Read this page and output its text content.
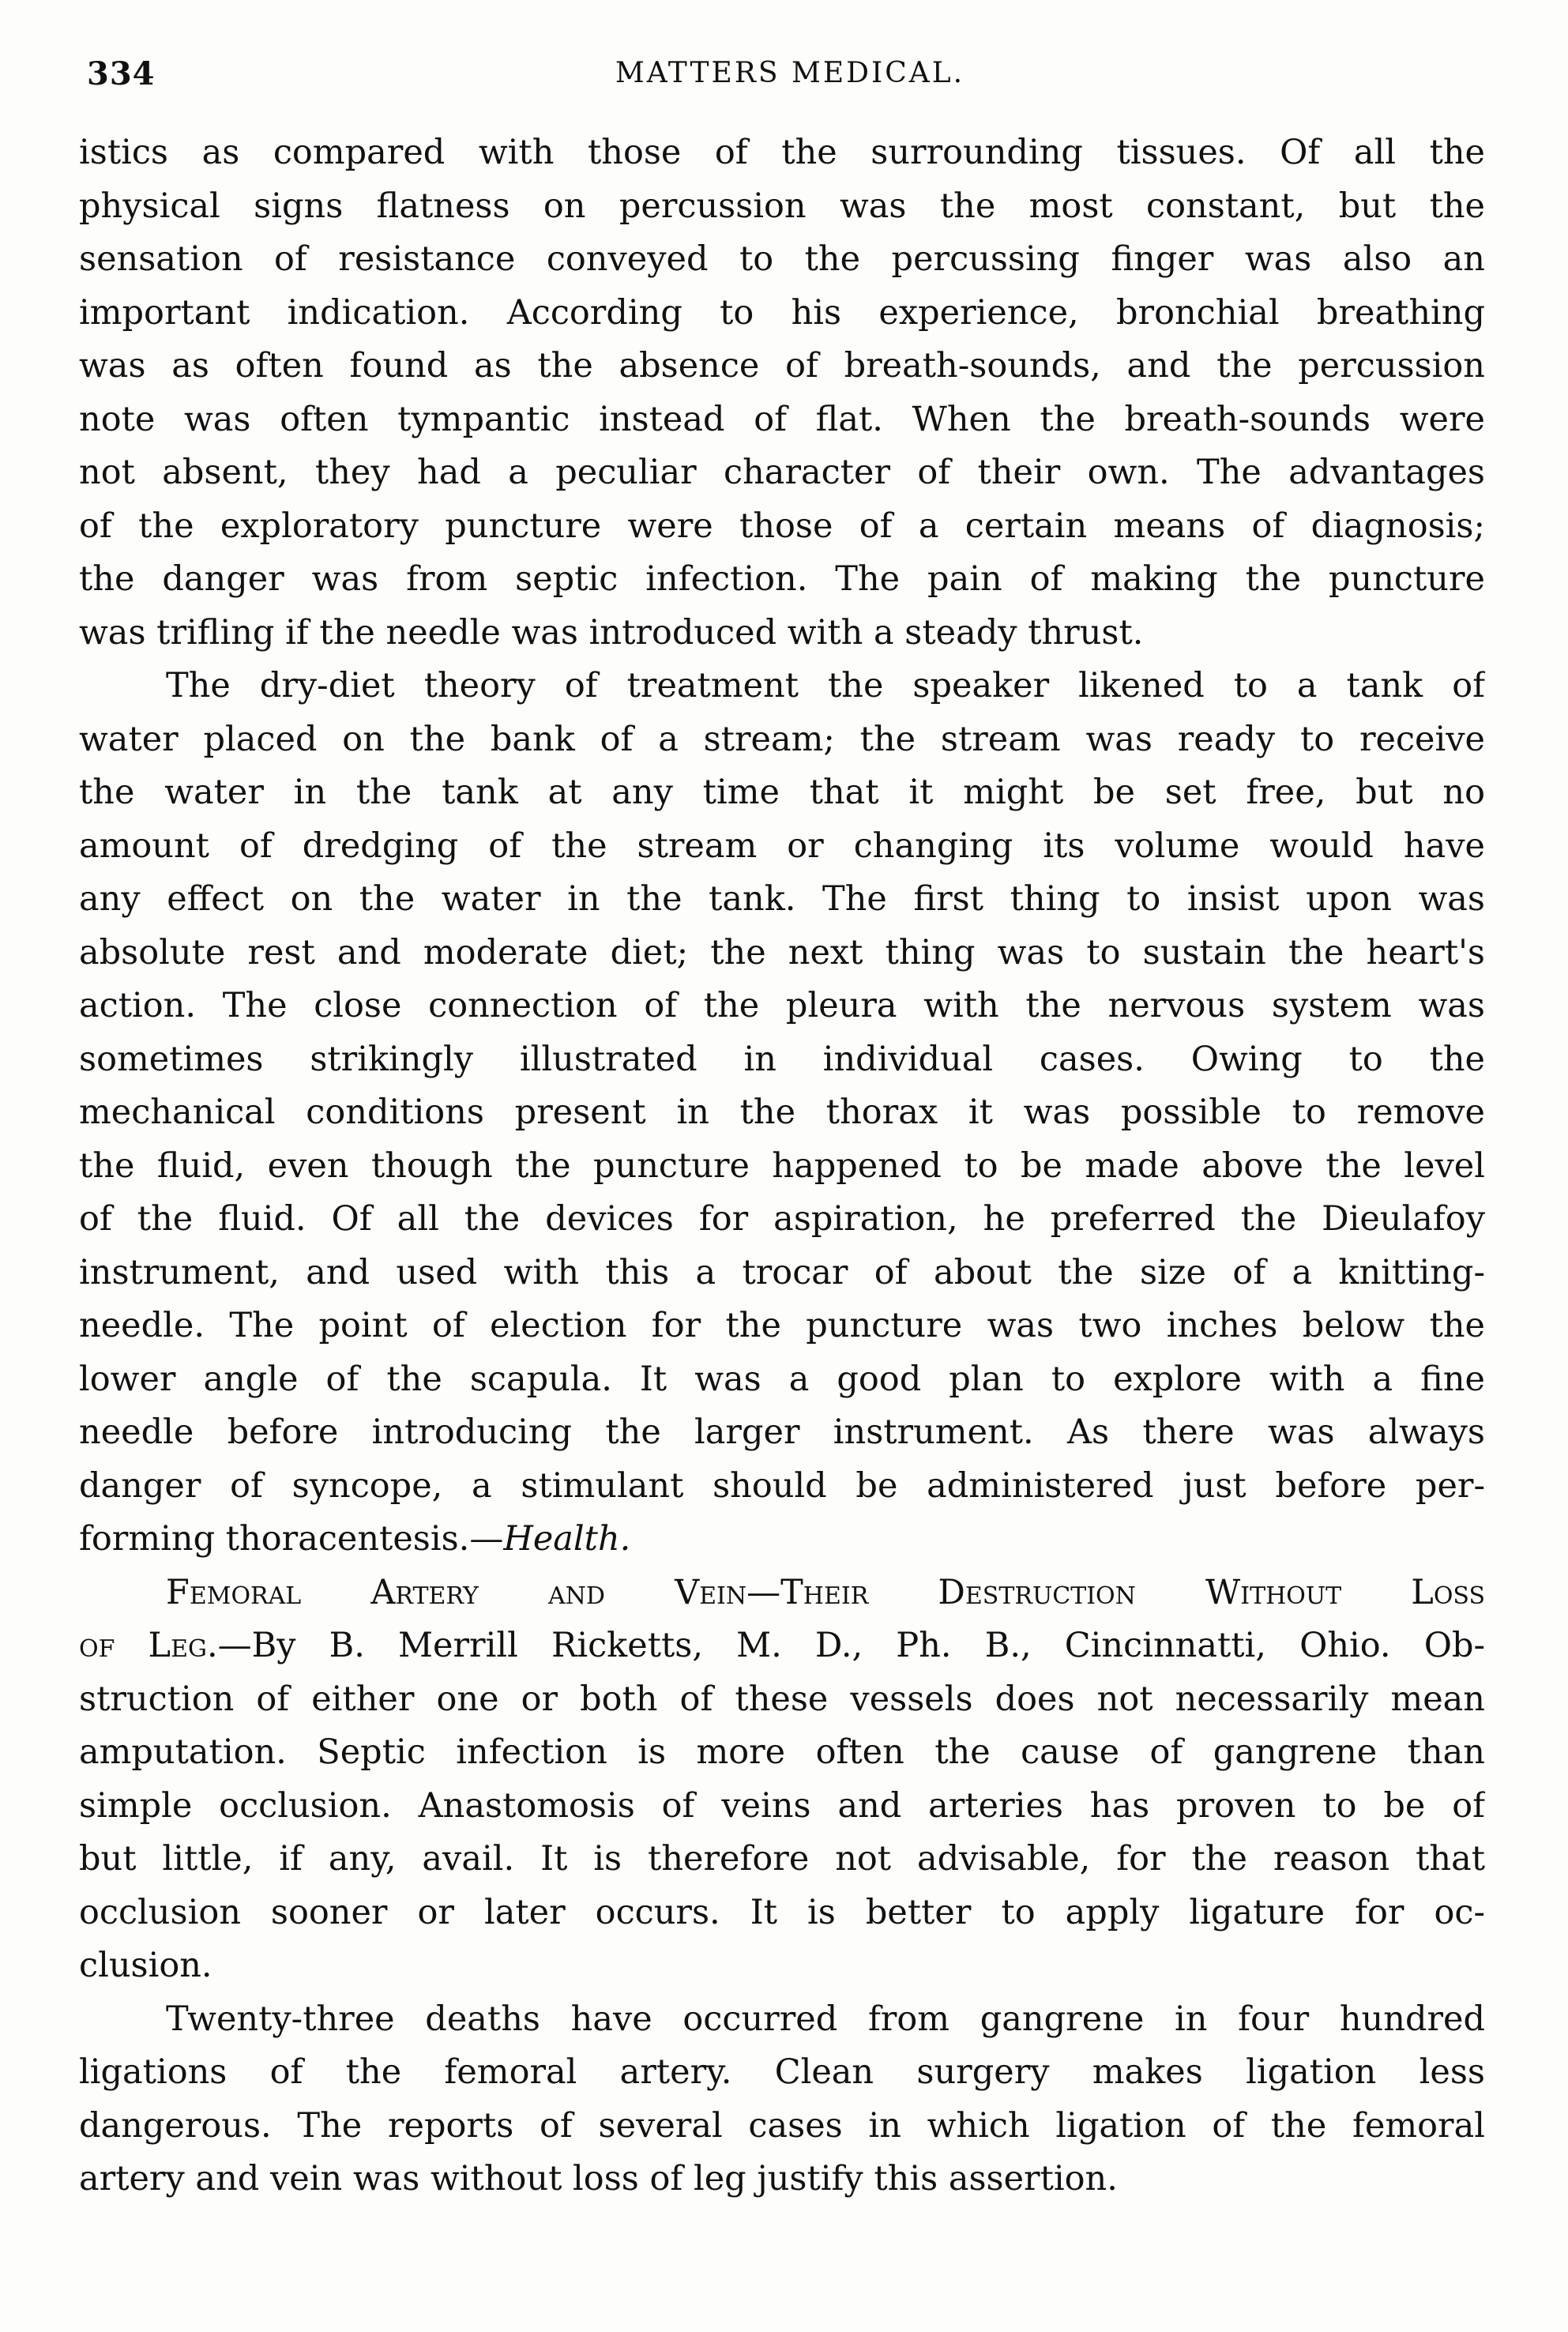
334	MATTERS MEDICAL.
istics as compared with those of the surrounding tissues. Of all the
physical signs flatness on percussion was the most constant, but the
sensation of resistance conveyed to the percussing finger was also an
important indication. According to his experience, bronchial breathing
was as often found as the absence of breath-sounds, and the percussion
note was often tympantic instead of flat. When the breath-sounds were
not absent, they had a peculiar character of their own. The advantages
of the exploratory puncture were those of a certain means of diagnosis;
the danger was from septic infection. The pain of making the puncture
was trifling if the needle was introduced with a steady thrust.
The dry-diet theory of treatment the speaker likened to a tank of
water placed on the bank of a stream; the stream was ready to receive
the water in the tank at any time that it might be set free, but no
amount of dredging of the stream or changing its volume would have
any effect on the water in the tank. The first thing to insist upon was
absolute rest and moderate diet; the next thing was to sustain the heart's
action. The close connection of the pleura with the nervous system was
sometimes strikingly illustrated in individual cases. Owing to the
mechanical conditions present in the thorax it was possible to remove
the fluid, even though the puncture happened to be made above the level
of the fluid. Of all the devices for aspiration, he preferred the Dieulafoy
instrument, and used with this a trocar of about the size of a knitting-
needle. The point of election for the puncture was two inches below the
lower angle of the scapula. It was a good plan to explore with a fine
needle before introducing the larger instrument. As there was always
danger of syncope, a stimulant should be administered just before per-
forming thoracentesis.—Health.
Femoral Artery and Vein—Their Destruction Without Loss
of Leg.—By B. Merrill Ricketts, M. D., Ph. B., Cincinnatti, Ohio. Ob-
struction of either one or both of these vessels does not necessarily mean
amputation. Septic infection is more often the cause of gangrene than
simple occlusion. Anastomosis of veins and arteries has proven to be of
but little, if any, avail. It is therefore not advisable, for the reason that
occlusion sooner or later occurs. It is better to apply ligature for oc-
clusion.
Twenty-three deaths have occurred from gangrene in four hundred
ligations of the femoral artery. Clean surgery makes ligation less
dangerous. The reports of several cases in which ligation of the femoral
artery and vein was without loss of leg justify this assertion.
